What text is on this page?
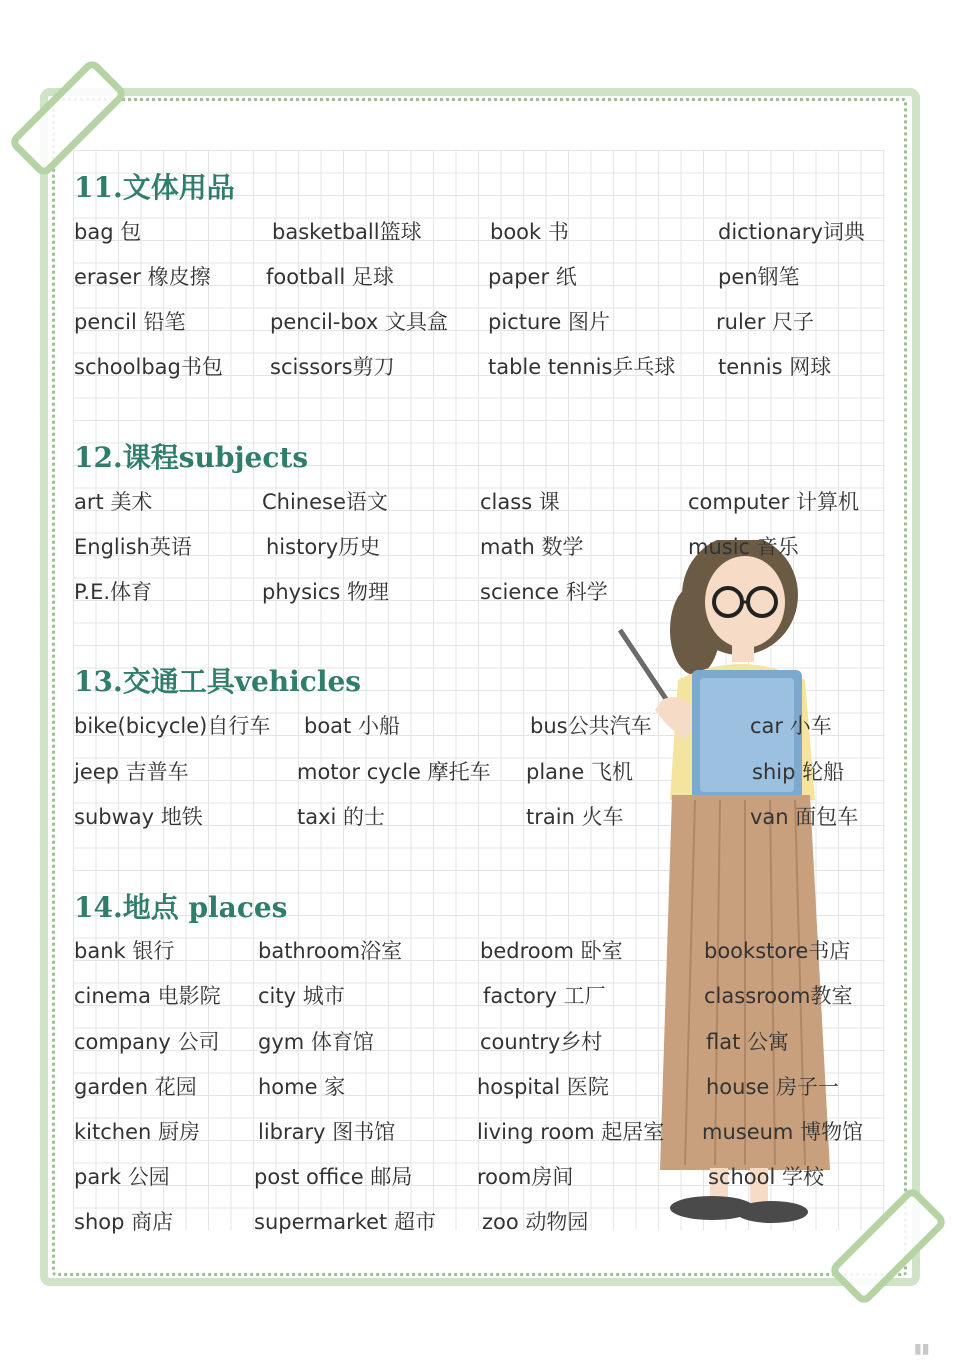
11.文体用品
bag 包	basketball篮球	book 书	dictionary词典
eraser 橡皮擦	football 足球	paper 纸	pen钢笔
pencil 铅笔	pencil-box 文具盒 picture 图片	ruler 尺子
schoolbag书包 scissors剪刀	table tennis乒乓球 tennis 网球
12.课程subjects
art 美术	Chinese语文	class 课	computer 计算机
English英语	history历史	math 数学	music 音乐
P.E.体育	physics 物理	science 科学
13.交通工具vehicles
bike(bicycle)自行车 boat 小船	bus公共汽车	car 小车
jeep 吉普车	motor cycle 摩托车 plane 飞机	ship 轮船
subway 地铁	taxi 的士	train 火车	van 面包车
14.地点 places
bank 银行	bathroom浴室	bedroom 卧室	bookstore书店
cinema 电影院 city 城市	factory 工厂	classroom教室
company 公司 gym 体育馆	country乡村	flat 公寓
garden 花园	home 家	hospital 医院	house 房子一
kitchen 厨房	library 图书馆	living room 起居室 museum 博物馆
park 公园	post office 邮局	room房间	school 学校
shop 商店	supermarket 超市 zoo 动物园
▮▮
